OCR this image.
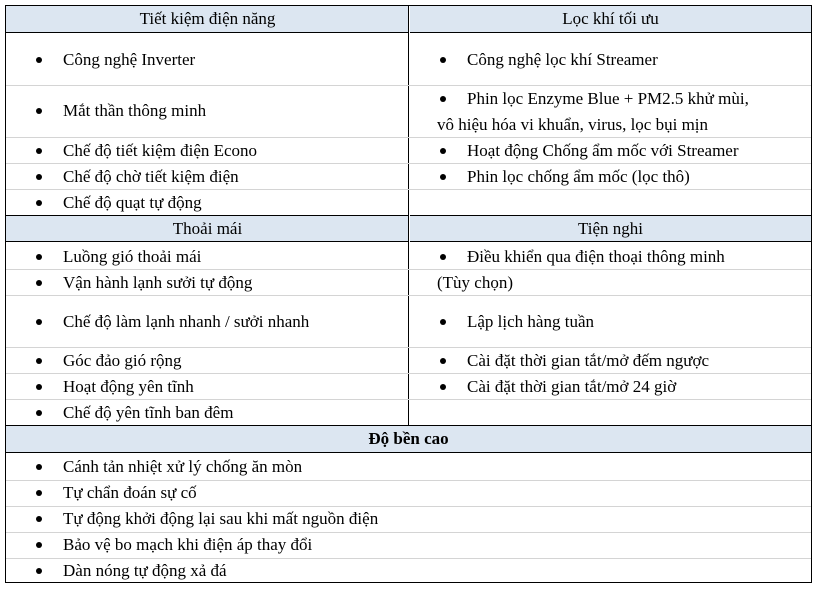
Tiết kiệm điện năng	Lọc khí tối ưu
Thoải mái	Tiện nghi
Độ bền cao
Công nghệ Inverter
Mắt thần thông minh
Chế độ tiết kiệm điện Econo
Chế độ chờ tiết kiệm điện
Chế độ quạt tự động
Công nghệ lọc khí Streamer
Phin lọc Enzyme Blue + PM2.5 khử mùi,
vô hiệu hóa vi khuẩn, virus, lọc bụi mịn
Hoạt động Chống ẩm mốc với Streamer
Phin lọc chống ẩm mốc (lọc thô)
Luồng gió thoải mái
Vận hành lạnh sưởi tự động
Chế độ làm lạnh nhanh / sưởi nhanh
Góc đảo gió rộng
Hoạt động yên tĩnh
Chế độ yên tĩnh ban đêm
Điều khiển qua điện thoại thông minh
(Tùy chọn)
Lập lịch hàng tuần
Cài đặt thời gian tắt/mở đếm ngược
Cài đặt thời gian tắt/mở 24 giờ
Cánh tản nhiệt xử lý chống ăn mòn
Tự chẩn đoán sự cố
Tự động khởi động lại sau khi mất nguồn điện
Bảo vệ bo mạch khi điện áp thay đổi
Dàn nóng tự động xả đá
